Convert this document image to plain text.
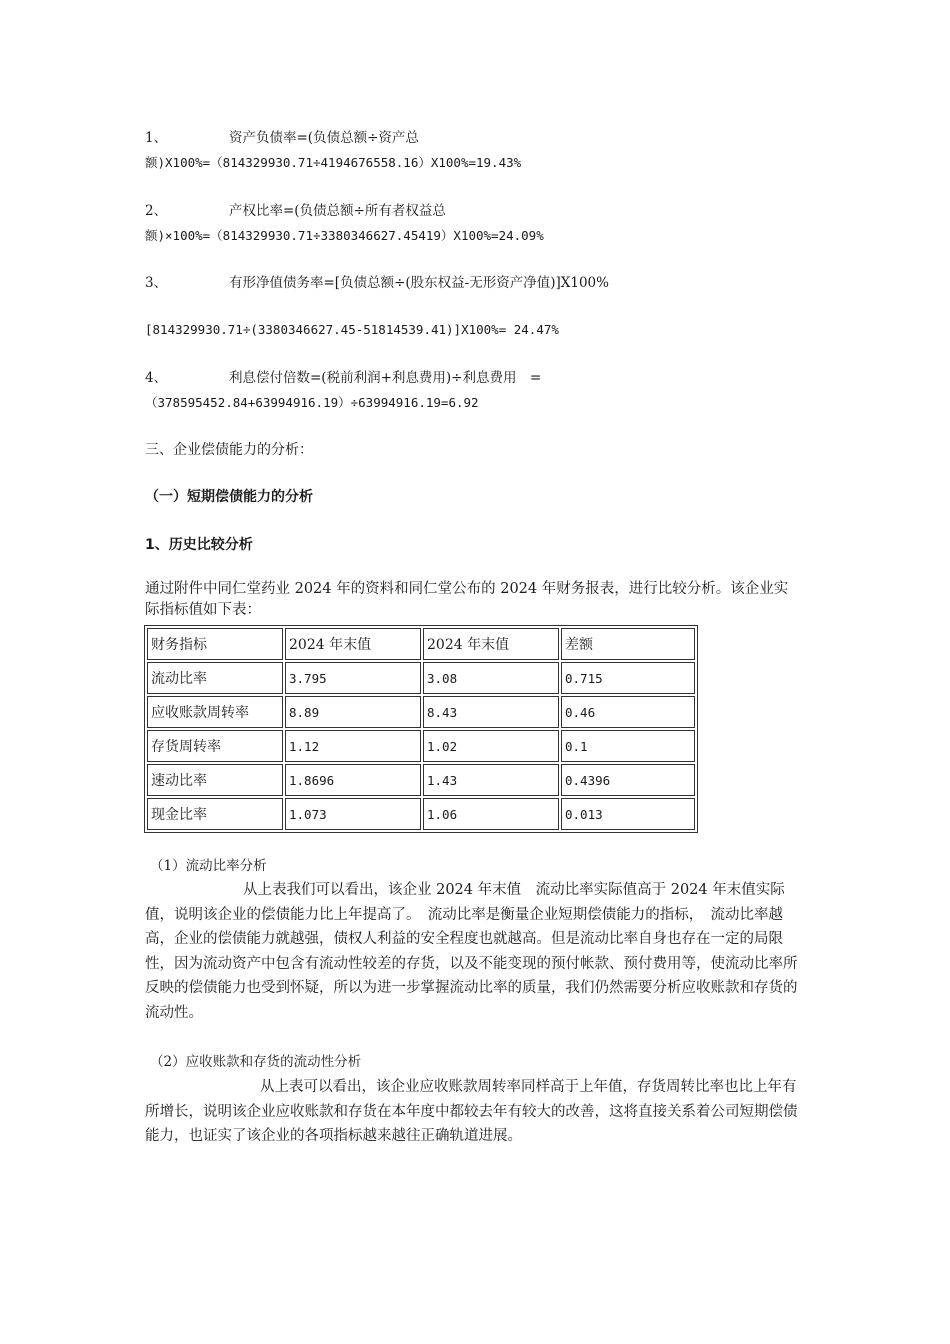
1、	资产负债率=(负债总额÷资产总
额)X100%=（814329930.71÷4194676558.16）X100%=19.43%
2、	产权比率=(负债总额÷所有者权益总
额)×100%=（814329930.71÷3380346627.45419）X100%=24.09%
3、	有形净值债务率=[负债总额÷(股东权益-无形资产净值)]X100%
[814329930.71÷(3380346627.45-51814539.41)]X100%= 24.47%
4、	利息偿付倍数=(税前利润+利息费用)÷利息费用　=
（378595452.84+63994916.19）÷63994916.19=6.92
三、企业偿债能力的分析：
（一）短期偿债能力的分析
1、历史比较分析
通过附件中同仁堂药业 2024 年的资料和同仁堂公布的 2024 年财务报表，进行比较分析。该企业实际指标值如下表：
财务指标	2024 年末值	2024 年末值	差额
流动比率	3.795	3.08	0.715
应收账款周转率	8.89	8.43	0.46
存货周转率	1.12	1.02	0.1
速动比率	1.8696	1.43	0.4396
现金比率	1.073	1.06	0.013
（1）流动比率分析
从上表我们可以看出，该企业 2024 年末值　流动比率实际值高于 2024 年末值实际值，说明该企业的偿债能力比上年提高了。　流动比率是衡量企业短期偿债能力的指标，　流动比率越高，企业的偿债能力就越强，债权人利益的安全程度也就越高。但是流动比率自身也存在一定的局限性，因为流动资产中包含有流动性较差的存货，以及不能变现的预付帐款、预付费用等，使流动比率所反映的偿债能力也受到怀疑，所以为进一步掌握流动比率的质量，我们仍然需要分析应收账款和存货的流动性。
（2）应收账款和存货的流动性分析
从上表可以看出，该企业应收账款周转率同样高于上年值，存货周转比率也比上年有所增长，说明该企业应收账款和存货在本年度中都较去年有较大的改善，这将直接关系着公司短期偿债能力，也证实了该企业的各项指标越来越往正确轨道进展。
